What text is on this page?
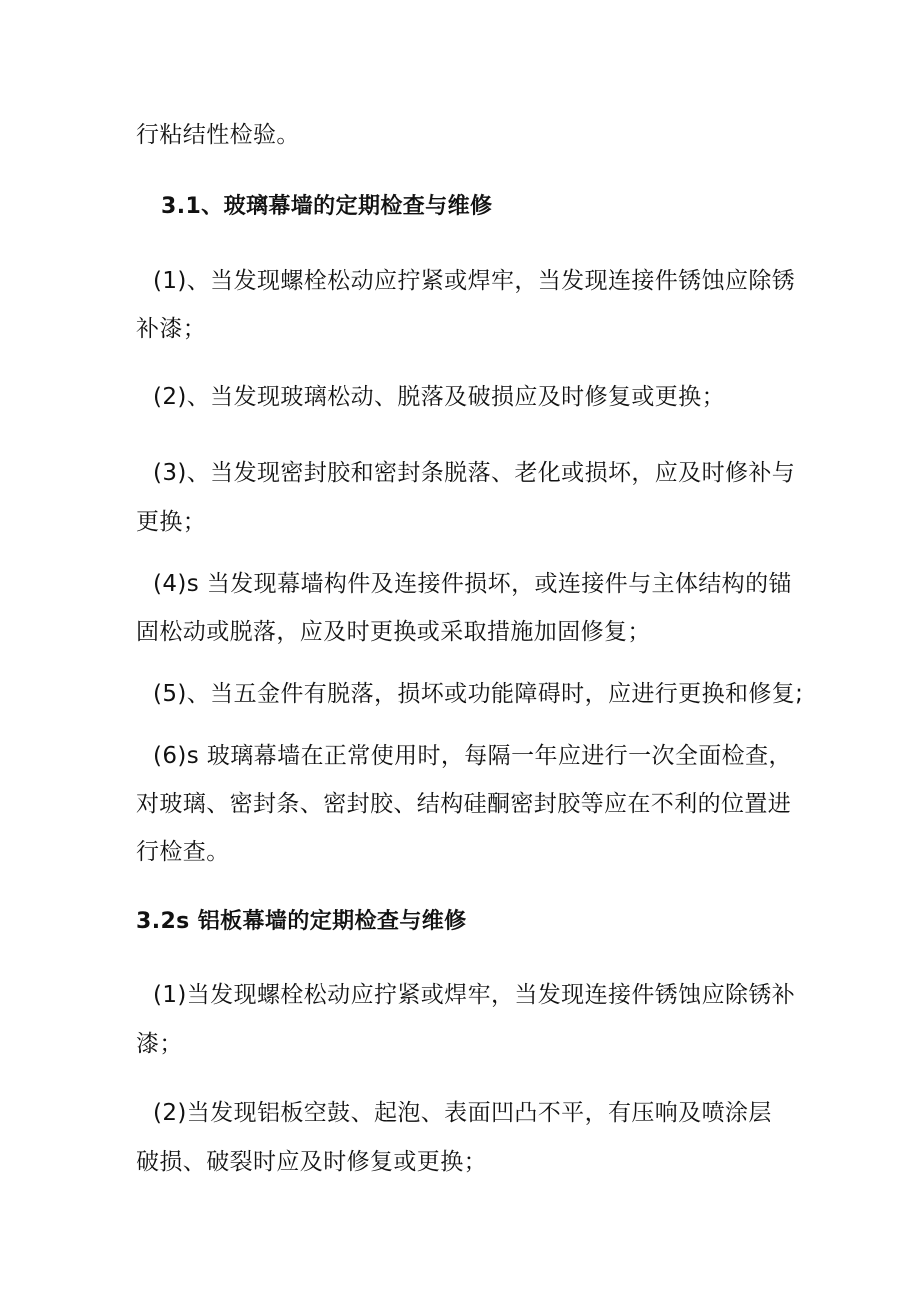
行粘结性检验。
3.1、玻璃幕墙的定期检查与维修
(1)、当发现螺栓松动应拧紧或焊牢，当发现连接件锈蚀应除锈
补漆；
(2)、当发现玻璃松动、脱落及破损应及时修复或更换；
(3)、当发现密封胶和密封条脱落、老化或损坏，应及时修补与
更换；
(4)s 当发现幕墙构件及连接件损坏，或连接件与主体结构的锚
固松动或脱落，应及时更换或采取措施加固修复；
(5)、当五金件有脱落，损坏或功能障碍时，应进行更换和修复;
(6)s 玻璃幕墙在正常使用时，每隔一年应进行一次全面检查，
对玻璃、密封条、密封胶、结构硅酮密封胶等应在不利的位置进
行检查。
3.2s 铝板幕墙的定期检查与维修
(1)当发现螺栓松动应拧紧或焊牢，当发现连接件锈蚀应除锈补
漆；
(2)当发现铝板空鼓、起泡、表面凹凸不平，有压响及喷涂层
破损、破裂时应及时修复或更换；
